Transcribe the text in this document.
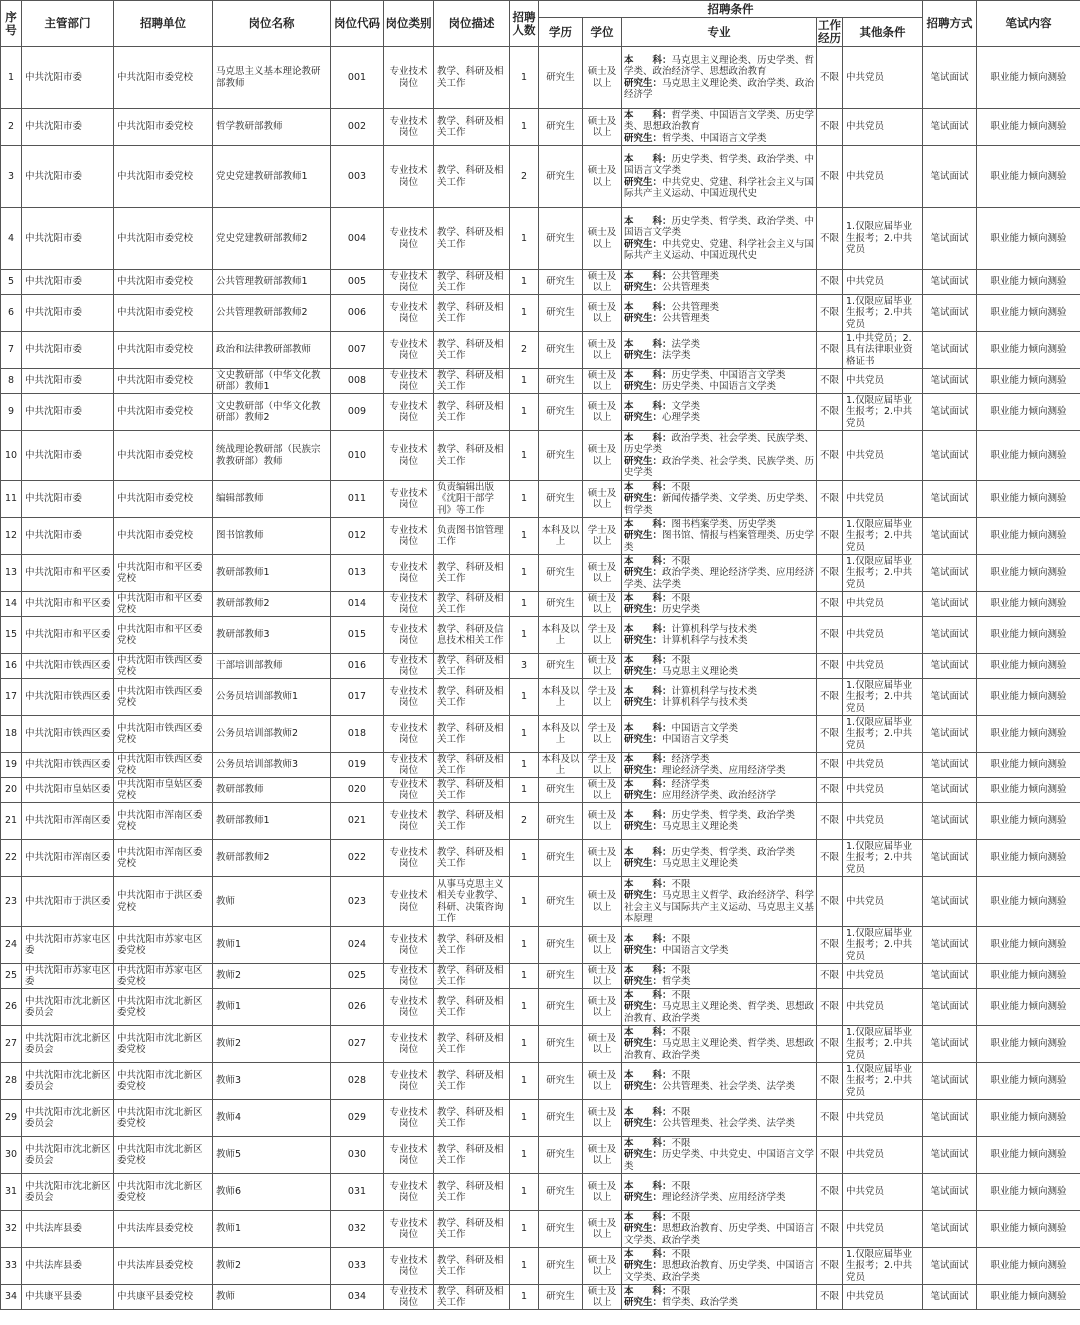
序号	主管部门	招聘单位	岗位名称	岗位代码	岗位类别	岗位描述	招聘人数	招聘条件					招聘方式	笔试内容
								学历	学位	专业	工作经历	其他条件		
1	中共沈阳市委	中共沈阳市委党校	马克思主义基本理论教研部教师	001	专业技术岗位	教学、科研及相关工作	1	研究生	硕士及以上	本　　科：马克思主义理论类、历史学类、哲学类、政治经济学、思想政治教育
研究生：马克思主义理论类、政治学类、政治经济学	不限	中共党员	笔试面试	职业能力倾向测验
2	中共沈阳市委	中共沈阳市委党校	哲学教研部教师	002	专业技术岗位	教学、科研及相关工作	1	研究生	硕士及以上	本　　科：哲学类、中国语言文学类、历史学类、思想政治教育
研究生：哲学类、中国语言文学类	不限	中共党员	笔试面试	职业能力倾向测验
3	中共沈阳市委	中共沈阳市委党校	党史党建教研部教师1	003	专业技术岗位	教学、科研及相关工作	2	研究生	硕士及以上	本　　科：历史学类、哲学类、政治学类、中国语言文学类
研究生：中共党史、党建、科学社会主义与国际共产主义运动、中国近现代史	不限	中共党员	笔试面试	职业能力倾向测验
4	中共沈阳市委	中共沈阳市委党校	党史党建教研部教师2	004	专业技术岗位	教学、科研及相关工作	1	研究生	硕士及以上	本　　科：历史学类、哲学类、政治学类、中国语言文学类
研究生：中共党史、党建、科学社会主义与国际共产主义运动、中国近现代史	不限	1.仅限应届毕业生报考；2.中共党员	笔试面试	职业能力倾向测验
5	中共沈阳市委	中共沈阳市委党校	公共管理教研部教师1	005	专业技术岗位	教学、科研及相关工作	1	研究生	硕士及以上	本　　科：公共管理类
研究生：公共管理类	不限	中共党员	笔试面试	职业能力倾向测验
6	中共沈阳市委	中共沈阳市委党校	公共管理教研部教师2	006	专业技术岗位	教学、科研及相关工作	1	研究生	硕士及以上	本　　科：公共管理类
研究生：公共管理类	不限	1.仅限应届毕业生报考；2.中共党员	笔试面试	职业能力倾向测验
7	中共沈阳市委	中共沈阳市委党校	政治和法律教研部教师	007	专业技术岗位	教学、科研及相关工作	2	研究生	硕士及以上	本　　科：法学类
研究生：法学类	不限	1.中共党员；2.具有法律职业资格证书	笔试面试	职业能力倾向测验
8	中共沈阳市委	中共沈阳市委党校	文史教研部（中华文化教研部）教师1	008	专业技术岗位	教学、科研及相关工作	1	研究生	硕士及以上	本　　科：历史学类、中国语言文学类
研究生：历史学类、中国语言文学类	不限	中共党员	笔试面试	职业能力倾向测验
9	中共沈阳市委	中共沈阳市委党校	文史教研部（中华文化教研部）教师2	009	专业技术岗位	教学、科研及相关工作	1	研究生	硕士及以上	本　　科：文学类
研究生：心理学类	不限	1.仅限应届毕业生报考；2.中共党员	笔试面试	职业能力倾向测验
10	中共沈阳市委	中共沈阳市委党校	统战理论教研部（民族宗教教研部）教师	010	专业技术岗位	教学、科研及相关工作	1	研究生	硕士及以上	本　　科：政治学类、社会学类、民族学类、历史学类
研究生：政治学类、社会学类、民族学类、历史学类	不限	中共党员	笔试面试	职业能力倾向测验
11	中共沈阳市委	中共沈阳市委党校	编辑部教师	011	专业技术岗位	负责编辑出版《沈阳干部学刊》等工作	1	研究生	硕士及以上	本　　科：不限
研究生：新闻传播学类、文学类、历史学类、哲学类	不限	中共党员	笔试面试	职业能力倾向测验
12	中共沈阳市委	中共沈阳市委党校	图书馆教师	012	专业技术岗位	负责图书馆管理工作	1	本科及以上	学士及以上	本　　科：图书档案学类、历史学类
研究生：图书馆、情报与档案管理类、历史学类	不限	1.仅限应届毕业生报考；2.中共党员	笔试面试	职业能力倾向测验
13	中共沈阳市和平区委	中共沈阳市和平区委党校	教研部教师1	013	专业技术岗位	教学、科研及相关工作	1	研究生	硕士及以上	本　　科：不限
研究生：政治学类、理论经济学类、应用经济学类、法学类	不限	1.仅限应届毕业生报考；2.中共党员	笔试面试	职业能力倾向测验
14	中共沈阳市和平区委	中共沈阳市和平区委党校	教研部教师2	014	专业技术岗位	教学、科研及相关工作	1	研究生	硕士及以上	本　　科：不限
研究生：历史学类	不限	中共党员	笔试面试	职业能力倾向测验
15	中共沈阳市和平区委	中共沈阳市和平区委党校	教研部教师3	015	专业技术岗位	教学、科研及信息技术相关工作	1	本科及以上	学士及以上	本　　科：计算机科学与技术类
研究生：计算机科学与技术类	不限	中共党员	笔试面试	职业能力倾向测验
16	中共沈阳市铁西区委	中共沈阳市铁西区委党校	干部培训部教师	016	专业技术岗位	教学、科研及相关工作	3	研究生	硕士及以上	本　　科：不限
研究生：马克思主义理论类	不限	中共党员	笔试面试	职业能力倾向测验
17	中共沈阳市铁西区委	中共沈阳市铁西区委党校	公务员培训部教师1	017	专业技术岗位	教学、科研及相关工作	1	本科及以上	学士及以上	本　　科：计算机科学与技术类
研究生：计算机科学与技术类	不限	1.仅限应届毕业生报考；2.中共党员	笔试面试	职业能力倾向测验
18	中共沈阳市铁西区委	中共沈阳市铁西区委党校	公务员培训部教师2	018	专业技术岗位	教学、科研及相关工作	1	本科及以上	学士及以上	本　　科：中国语言文学类
研究生：中国语言文学类	不限	1.仅限应届毕业生报考；2.中共党员	笔试面试	职业能力倾向测验
19	中共沈阳市铁西区委	中共沈阳市铁西区委党校	公务员培训部教师3	019	专业技术岗位	教学、科研及相关工作	1	本科及以上	学士及以上	本　　科：经济学类
研究生：理论经济学类、应用经济学类	不限	中共党员	笔试面试	职业能力倾向测验
20	中共沈阳市皇姑区委	中共沈阳市皇姑区委党校	教研部教师	020	专业技术岗位	教学、科研及相关工作	1	研究生	硕士及以上	本　　科：经济学类
研究生：应用经济学类、政治经济学	不限	中共党员	笔试面试	职业能力倾向测验
21	中共沈阳市浑南区委	中共沈阳市浑南区委党校	教研部教师1	021	专业技术岗位	教学、科研及相关工作	2	研究生	硕士及以上	本　　科：历史学类、哲学类、政治学类
研究生：马克思主义理论类	不限	中共党员	笔试面试	职业能力倾向测验
22	中共沈阳市浑南区委	中共沈阳市浑南区委党校	教研部教师2	022	专业技术岗位	教学、科研及相关工作	1	研究生	硕士及以上	本　　科：历史学类、哲学类、政治学类
研究生：马克思主义理论类	不限	1.仅限应届毕业生报考；2.中共党员	笔试面试	职业能力倾向测验
23	中共沈阳市于洪区委	中共沈阳市于洪区委党校	教师	023	专业技术岗位	从事马克思主义相关专业教学、科研、决策咨询工作	1	研究生	硕士及以上	本　　科：不限
研究生：马克思主义哲学、政治经济学、科学社会主义与国际共产主义运动、马克思主义基本原理	不限	中共党员	笔试面试	职业能力倾向测验
24	中共沈阳市苏家屯区委	中共沈阳市苏家屯区委党校	教师1	024	专业技术岗位	教学、科研及相关工作	1	研究生	硕士及以上	本　　科：不限
研究生：中国语言文学类	不限	1.仅限应届毕业生报考；2.中共党员	笔试面试	职业能力倾向测验
25	中共沈阳市苏家屯区委	中共沈阳市苏家屯区委党校	教师2	025	专业技术岗位	教学、科研及相关工作	1	研究生	硕士及以上	本　　科：不限
研究生：哲学类	不限	中共党员	笔试面试	职业能力倾向测验
26	中共沈阳市沈北新区委员会	中共沈阳市沈北新区委党校	教师1	026	专业技术岗位	教学、科研及相关工作	1	研究生	硕士及以上	本　　科：不限
研究生：马克思主义理论类、哲学类、思想政治教育、政治学类	不限	中共党员	笔试面试	职业能力倾向测验
27	中共沈阳市沈北新区委员会	中共沈阳市沈北新区委党校	教师2	027	专业技术岗位	教学、科研及相关工作	1	研究生	硕士及以上	本　　科：不限
研究生：马克思主义理论类、哲学类、思想政治教育、政治学类	不限	1.仅限应届毕业生报考；2.中共党员	笔试面试	职业能力倾向测验
28	中共沈阳市沈北新区委员会	中共沈阳市沈北新区委党校	教师3	028	专业技术岗位	教学、科研及相关工作	1	研究生	硕士及以上	本　　科：不限
研究生：公共管理类、社会学类、法学类	不限	1.仅限应届毕业生报考；2.中共党员	笔试面试	职业能力倾向测验
29	中共沈阳市沈北新区委员会	中共沈阳市沈北新区委党校	教师4	029	专业技术岗位	教学、科研及相关工作	1	研究生	硕士及以上	本　　科：不限
研究生：公共管理类、社会学类、法学类	不限	中共党员	笔试面试	职业能力倾向测验
30	中共沈阳市沈北新区委员会	中共沈阳市沈北新区委党校	教师5	030	专业技术岗位	教学、科研及相关工作	1	研究生	硕士及以上	本　　科：不限
研究生：历史学类、中共党史、中国语言文学类	不限	中共党员	笔试面试	职业能力倾向测验
31	中共沈阳市沈北新区委员会	中共沈阳市沈北新区委党校	教师6	031	专业技术岗位	教学、科研及相关工作	1	研究生	硕士及以上	本　　科：不限
研究生：理论经济学类、应用经济学类	不限	中共党员	笔试面试	职业能力倾向测验
32	中共法库县委	中共法库县委党校	教师1	032	专业技术岗位	教学、科研及相关工作	1	研究生	硕士及以上	本　　科：不限
研究生：思想政治教育、历史学类、中国语言文学类、政治学类	不限	中共党员	笔试面试	职业能力倾向测验
33	中共法库县委	中共法库县委党校	教师2	033	专业技术岗位	教学、科研及相关工作	1	研究生	硕士及以上	本　　科：不限
研究生：思想政治教育、历史学类、中国语言文学类、政治学类	不限	1.仅限应届毕业生报考；2.中共党员	笔试面试	职业能力倾向测验
34	中共康平县委	中共康平县委党校	教师	034	专业技术岗位	教学、科研及相关工作	1	研究生	硕士及以上	本　　科：不限
研究生：哲学类、政治学类	不限	中共党员	笔试面试	职业能力倾向测验
